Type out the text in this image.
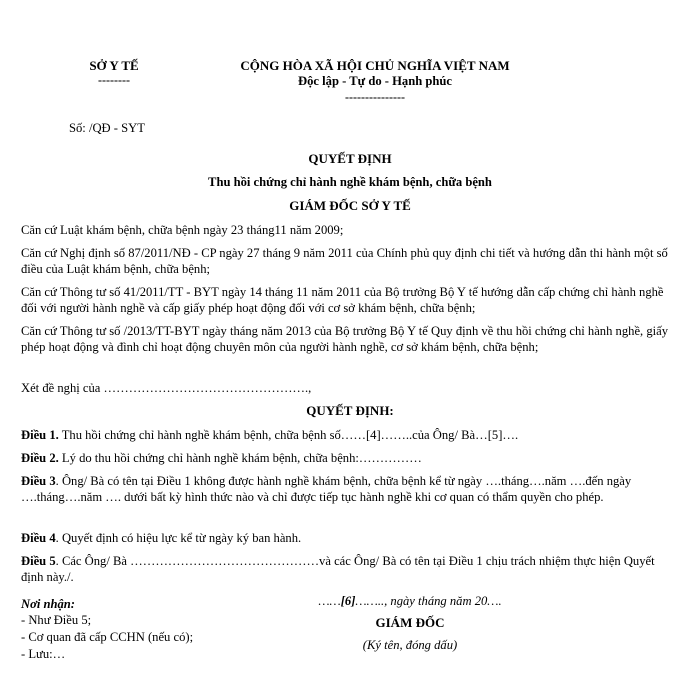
SỞ Y TẾ
--------
CỘNG HÒA XÃ HỘI CHỦ NGHĨA VIỆT NAM
Độc lập - Tự do - Hạnh phúc
---------------
Số: /QĐ - SYT
QUYẾT ĐỊNH
Thu hồi chứng chỉ hành nghề khám bệnh, chữa bệnh
GIÁM ĐỐC SỞ Y TẾ
Căn cứ Luật khám bệnh, chữa bệnh ngày 23 tháng11 năm 2009;
Căn cứ Nghị định số 87/2011/NĐ - CP ngày 27 tháng 9 năm 2011 của Chính phủ quy định chi tiết và hướng dẫn thi hành một số điều của Luật khám bệnh, chữa bệnh;
Căn cứ Thông tư số 41/2011/TT - BYT ngày 14 tháng 11 năm 2011 của Bộ trưởng Bộ Y tế hướng dẫn cấp chứng chỉ hành nghề đối với người hành nghề và cấp giấy phép hoạt động đối với cơ sở khám bệnh, chữa bệnh;
Căn cứ Thông tư số /2013/TT-BYT ngày tháng năm 2013 của Bộ trưởng Bộ Y tế Quy định về thu hồi chứng chỉ hành nghề, giấy phép hoạt động và đình chỉ hoạt động chuyên môn của người hành nghề, cơ sở khám bệnh, chữa bệnh;
Xét đề nghị của ………………………………………….,
QUYẾT ĐỊNH:
Điều 1. Thu hồi chứng chỉ hành nghề khám bệnh, chữa bệnh số……[4]……..của Ông/ Bà…[5]….
Điều 2. Lý do thu hồi chứng chỉ hành nghề khám bệnh, chữa bệnh:……………
Điều 3. Ông/ Bà có tên tại Điều 1 không được hành nghề khám bệnh, chữa bệnh kể từ ngày ….tháng….năm ….đến ngày ….tháng….năm …. dưới bất kỳ hình thức nào và chỉ được tiếp tục hành nghề khi cơ quan có thẩm quyền cho phép.
Điều 4. Quyết định có hiệu lực kể từ ngày ký ban hành.
Điều 5. Các Ông/ Bà ………………………………………và các Ông/ Bà có tên tại Điều 1 chịu trách nhiệm thực hiện Quyết định này./.
Nơi nhận:
- Như Điều 5;
- Cơ quan đã cấp CCHN (nếu có);
- Lưu:…
……[6]…….., ngày tháng năm 20….
GIÁM ĐỐC
(Ký tên, đóng dấu)
